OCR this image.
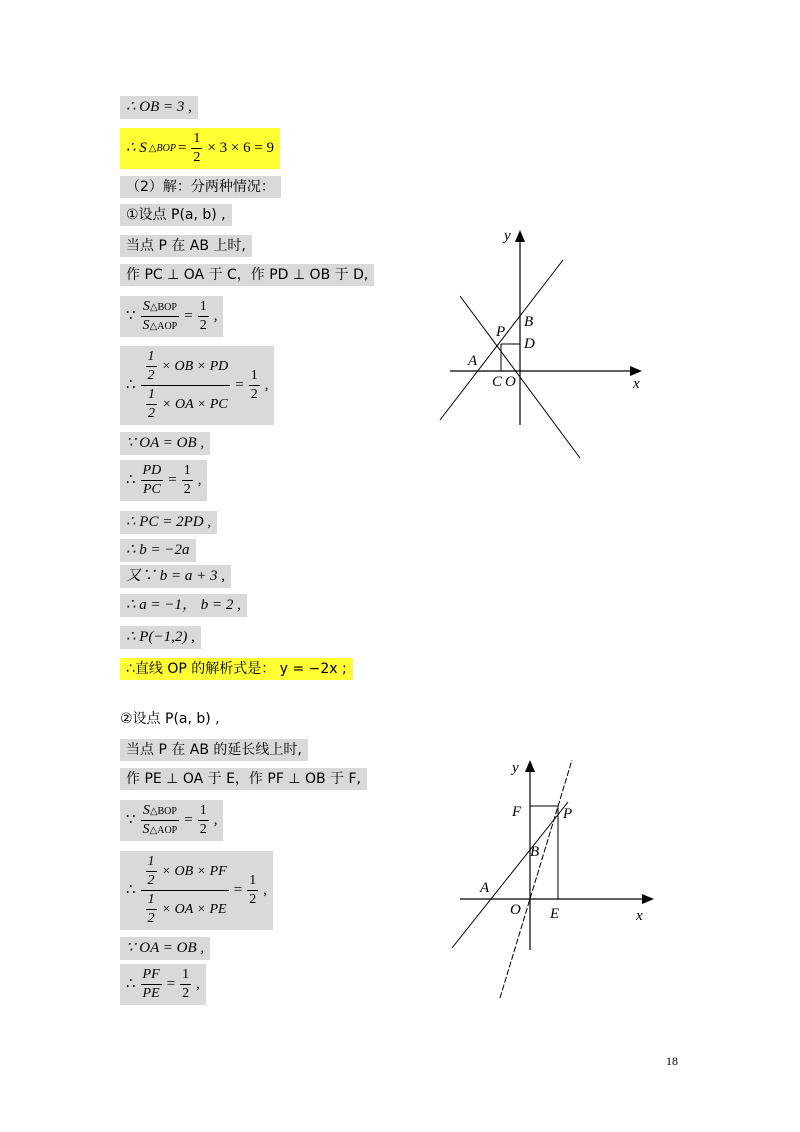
∴ OB = 3 ,
∴ S △BOP = $\frac{1}{2} \times 3 \times 6 = 9$
（2）解：分两种情况：
①设点 P(a, b) ,
当点 P 在 AB 上时,
作 PC ⊥ OA 于 C，作 PD ⊥ OB 于 D,
∵ $\frac{\text{S△BOP}}{\text{S△AOP}} = \frac{1}{2}$ ,
∴ $\frac{\frac{1}{2} \times OB \times PD}{\frac{1}{2} \times OA \times PC} = \frac{1}{2}$ ,
∵ OA = OB ,
∴ $\frac{PD}{PC} = \frac{1}{2}$ ,
∴ PC = 2PD ,
∴ b = −2a
又∵ b = a + 3 ,
∴ a = −1， b = 2 ,
∴ P(−1,2) ,
∴直线 OP 的解析式是： y = −2x ;
②设点 P(a, b) ,
当点 P 在 AB 的延长线上时,
作 PE ⊥ OA 于 E，作 PF ⊥ OB 于 F,
∵ $\frac{\text{S△BOP}}{\text{S△AOP}} = \frac{1}{2}$ ,
∴ $\frac{\frac{1}{2} \times OB \times PF}{\frac{1}{2} \times OA \times PE} = \frac{1}{2}$ ,
∵ OA = OB ,
∴ $\frac{PF}{PE} = \frac{1}{2}$ ,
y
x
P
B
D
A
C O
y
x
F	P
B
A
O E
18
